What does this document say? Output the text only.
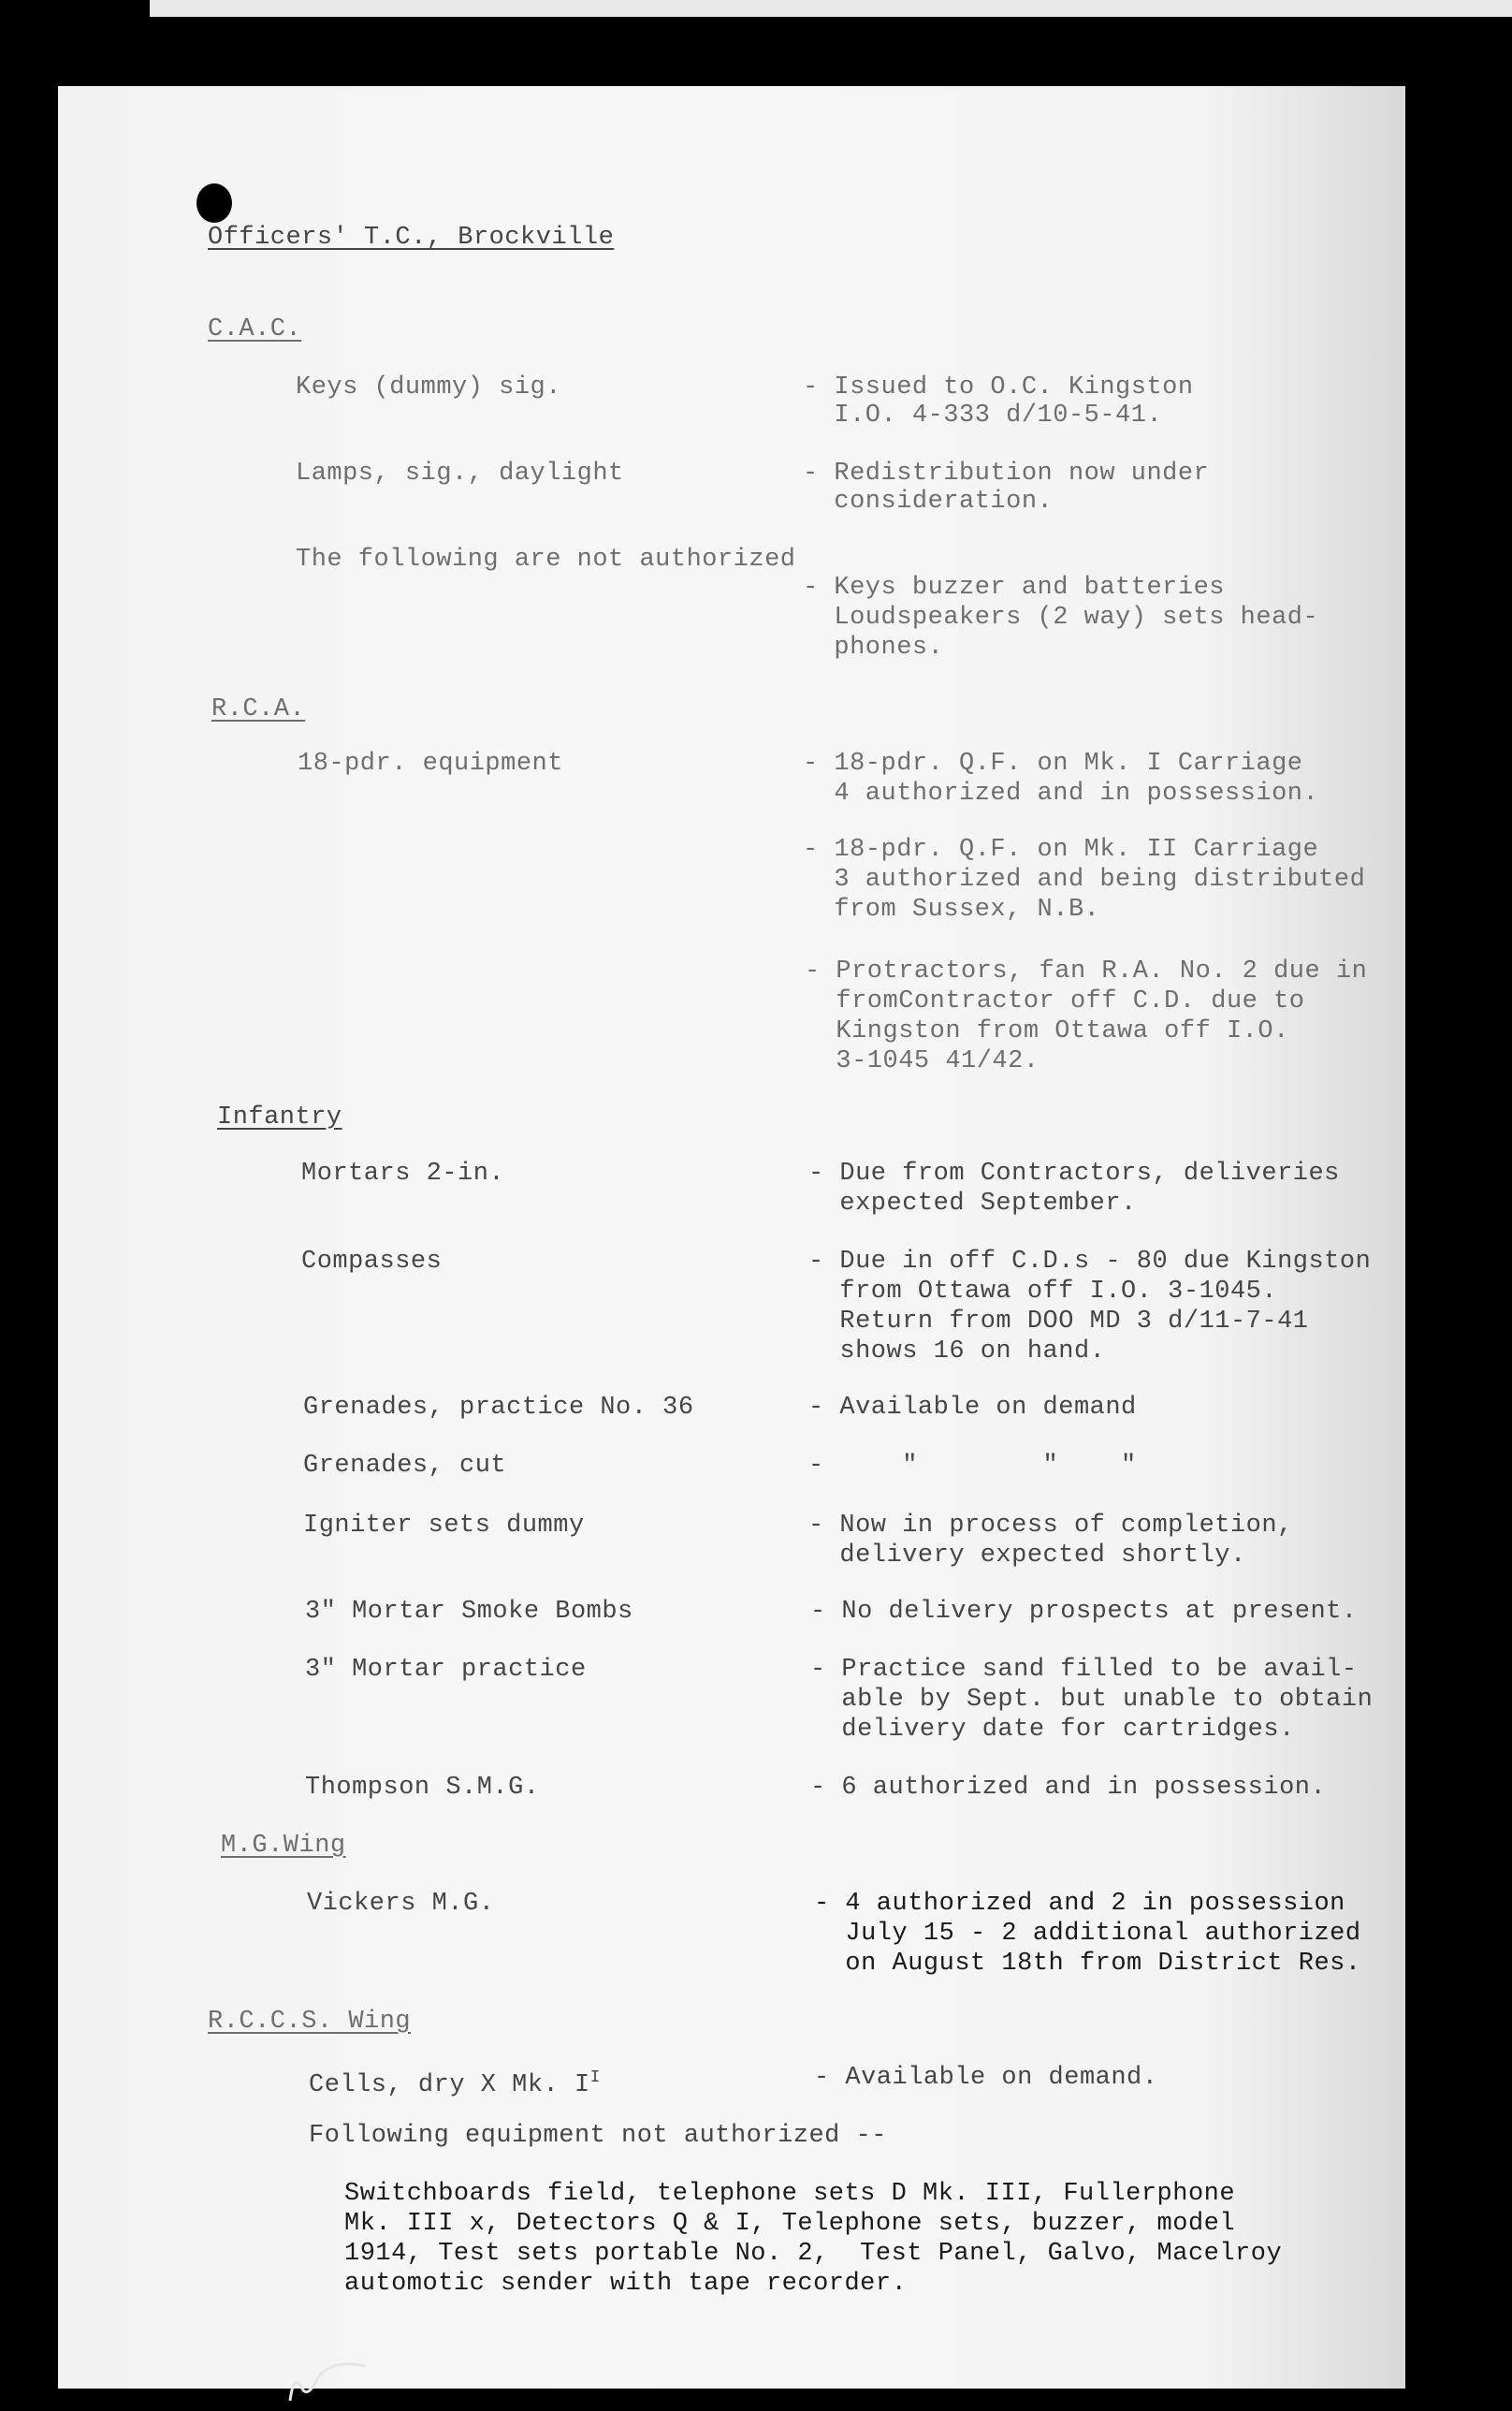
Officers' T.C., Brockville
C.A.C.
Keys (dummy) sig.	- Issued to O.C. Kingston
I.O. 4-333 d/10-5-41.
Lamps, sig., daylight	- Redistribution now under
consideration.
The following are not authorized
- Keys buzzer and batteries
Loudspeakers (2 way) sets head-
phones.
R.C.A.
18-pdr. equipment	- 18-pdr. Q.F. on Mk. I Carriage
4 authorized and in possession.
- 18-pdr. Q.F. on Mk. II Carriage
3 authorized and being distributed
from Sussex, N.B.
- Protractors, fan R.A. No. 2 due in
fromContractor off C.D. due to
Kingston from Ottawa off I.O.
3-1045 41/42.
Infantry
Mortars 2-in.	- Due from Contractors, deliveries
expected September.
Compasses	- Due in off C.D.s - 80 due Kingston
from Ottawa off I.O. 3-1045.
Return from DOO MD 3 d/11-7-41
shows 16 on hand.
Grenades, practice No. 36	- Available on demand
Grenades, cut	-     "        "    "
Igniter sets dummy	- Now in process of completion,
delivery expected shortly.
3" Mortar Smoke Bombs	- No delivery prospects at present.
3" Mortar practice	- Practice sand filled to be avail-
able by Sept. but unable to obtain
delivery date for cartridges.
Thompson S.M.G.	- 6 authorized and in possession.
M.G.Wing
Vickers M.G.	- 4 authorized and 2 in possession
July 15 - 2 additional authorized
on August 18th from District Res.
R.C.C.S. Wing
Cells, dry X Mk. $I^I$	- Available on demand.
Following equipment not authorized --
Switchboards field, telephone sets D Mk. III, Fullerphone
Mk. III x, Detectors Q & I, Telephone sets, buzzer, model
1914, Test sets portable No. 2,  Test Panel, Galvo, Macelroy
automotic sender with tape recorder.
